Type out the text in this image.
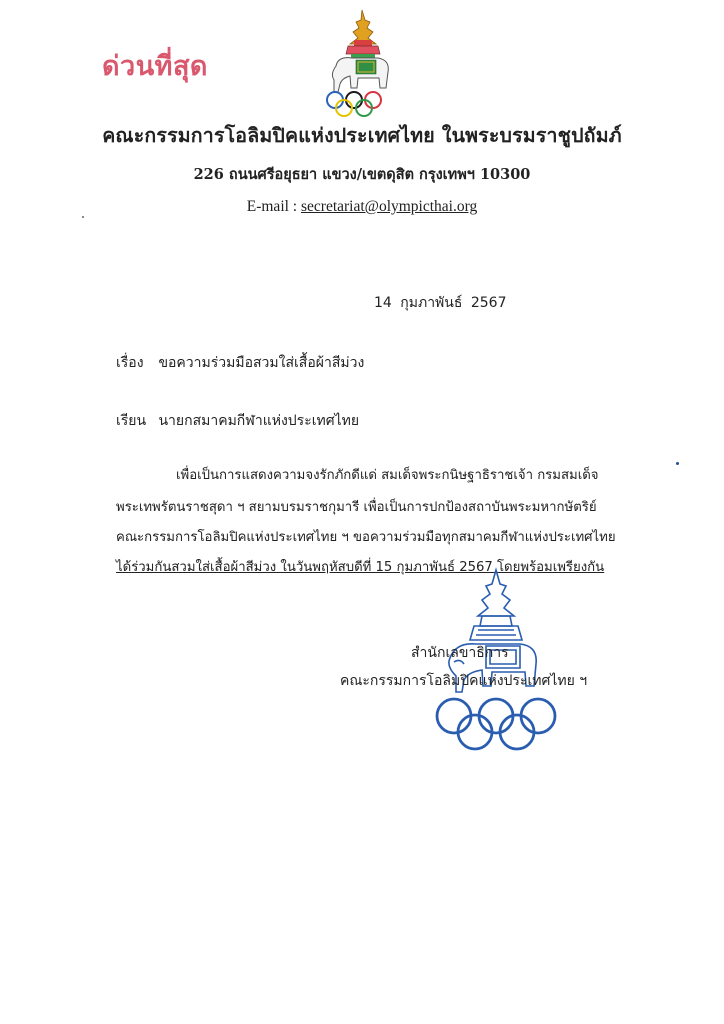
ด่วนที่สุด
คณะกรรมการโอลิมปิคแห่งประเทศไทย ในพระบรมราชูปถัมภ์
226 ถนนศรีอยุธยา แขวง/เขตดุสิต กรุงเทพฯ 10300
E-mail : secretariat@olympicthai.org
14 กุมภาพันธ์ 2567
เรื่อง ขอความร่วมมือสวมใส่เสื้อผ้าสีม่วง
เรียน นายกสมาคมกีฬาแห่งประเทศไทย
เพื่อเป็นการแสดงความจงรักภักดีแด่ สมเด็จพระกนิษฐาธิราชเจ้า กรมสมเด็จ
พระเทพรัตนราชสุดา ฯ สยามบรมราชกุมารี เพื่อเป็นการปกป้องสถาบันพระมหากษัตริย์
คณะกรรมการโอลิมปิคแห่งประเทศไทย ฯ ขอความร่วมมือทุกสมาคมกีฬาแห่งประเทศไทย
ได้ร่วมกันสวมใส่เสื้อผ้าสีม่วง ในวันพฤหัสบดีที่ 15 กุมภาพันธ์ 2567 โดยพร้อมเพรียงกัน
สำนักเลขาธิการ
คณะกรรมการโอลิมปิคแห่งประเทศไทย ฯ
